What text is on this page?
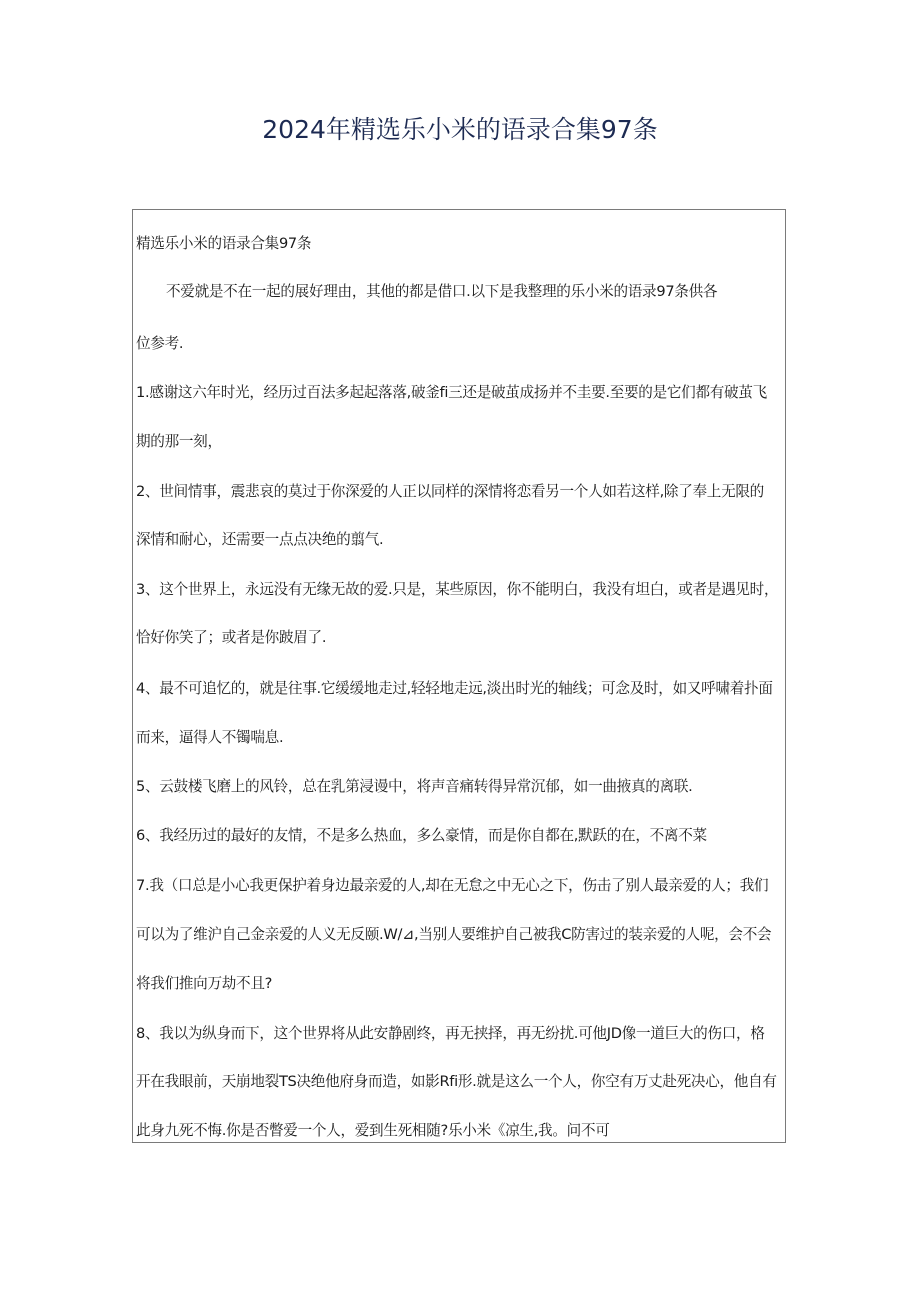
2024年精选乐小米的语录合集97条
精选乐小米的语录合集97条
不爱就是不在一起的展好理由，其他的都是借口.以下是我整理的乐小米的语录97条供各
位参考.
1.感谢这六年时光，经历过百法多起起落落,破釜fi三还是破茧成扬并不圭要.至要的是它们都有破茧飞
期的那一刻，
2、世间情事，震悲哀的莫过于你深爱的人正以同样的深情将恋看另一个人如若这样,除了奉上无限的
深情和耐心，还需要一点点决绝的翦气.
3、这个世界上，永远没有无缘无故的爱.只是，某些原因，你不能明白，我没有坦白，或者是遇见时，
恰好你笑了；或者是你跛眉了.
4、最不可追忆的，就是往事.它缓缓地走过,轻轻地走远,淡出时光的轴线；可念及时，如又呼啸着扑面
而来，逼得人不镯喘息.
5、云鼓楼飞磨上的风铃，总在乳第浸谩中，将声音痛转得异常沉郁，如一曲掖真的离联.
6、我经历过的最好的友情，不是多么热血，多么豪情，而是你自都在,默跃的在，不离不菜
7.我（口总是小心我更保护着身边最亲爱的人,却在无怠之中无心之下，伤击了别人最亲爱的人；我们
可以为了维沪自己金亲爱的人义无反颐.W∕⊿,当别人要维护自己被我C防害过的装亲爱的人呢，会不会
将我们推向万劫不且?
8、我以为纵身而下，这个世界将从此安静剧终，再无挟择，再无纷扰.可他JD像一道巨大的伤口，格
开在我眼前，天崩地裂TS决绝他府身而造，如影Rfi形.就是这么一个人，你空有万丈赴死决心，他自有
此身九死不悔.你是否瞥爱一个人，爱到生死相随?乐小米《凉生,我。问不可
